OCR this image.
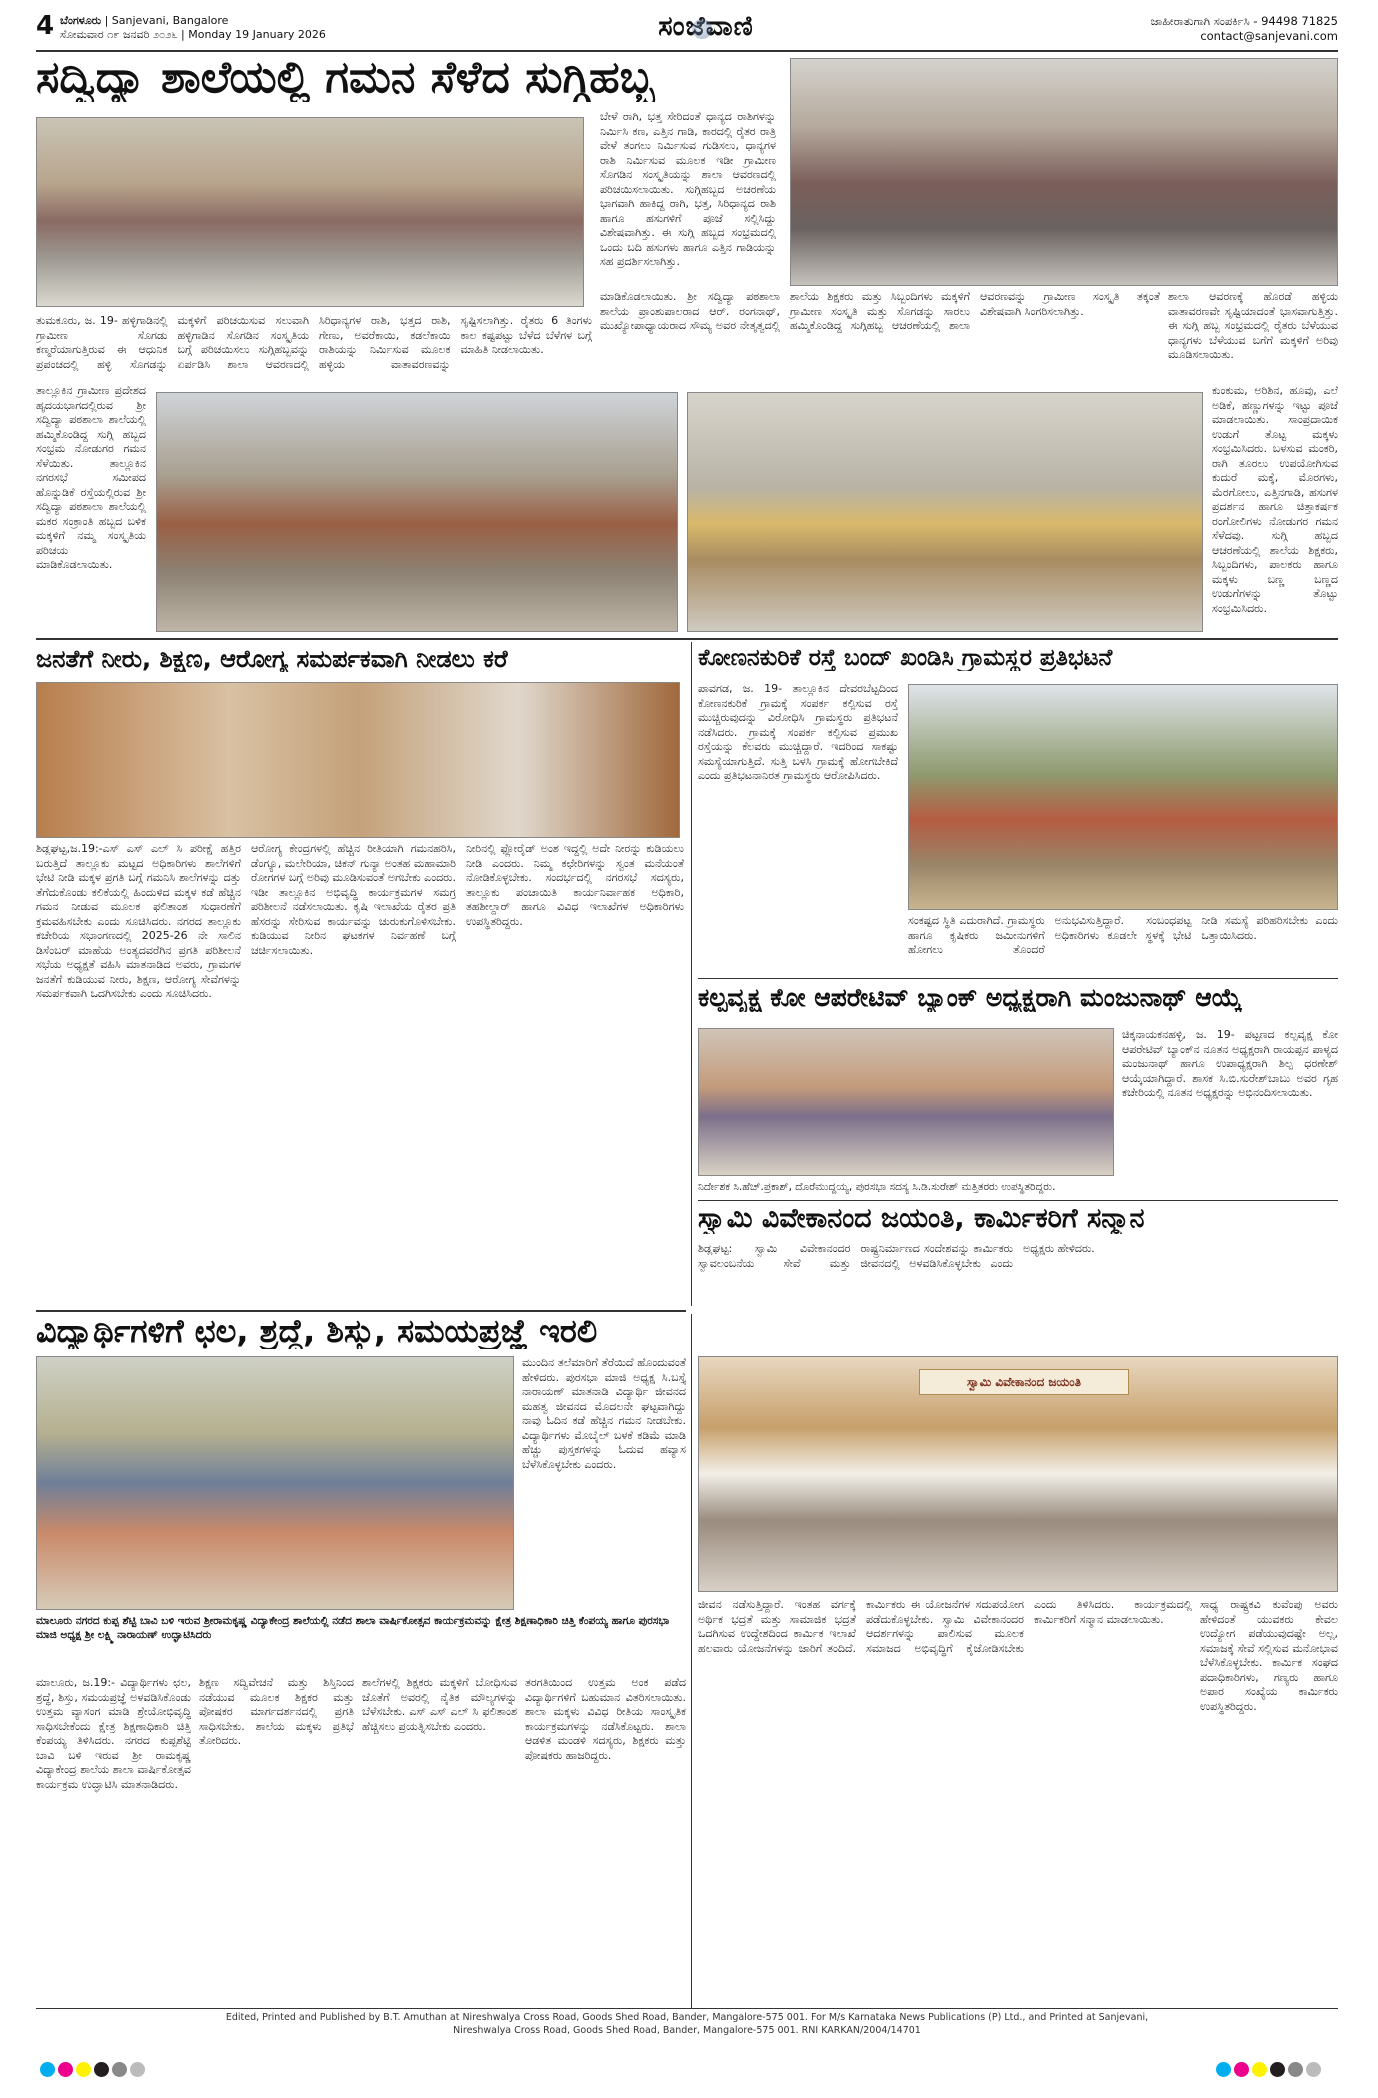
4 ಬೆಂಗಳೂರು | Sanjevani, Bangalore
ಸೋಮವಾರ ೧೯ ಜನವರಿ ೨೦೨೬ | Monday 19 January 2026	ಸಂಜೆವಾಣಿ	ಜಾಹೀರಾತುಗಾಗಿ ಸಂಪರ್ಕಿಸಿ - 94498 71825
contact@sanjevani.com
ಸದ್ವಿದ್ಯಾ ಶಾಲೆಯಲ್ಲಿ ಗಮನ ಸೆಳೆದ ಸುಗ್ಗಿಹಬ್ಬ
ಬೇಳೆ ರಾಗಿ, ಭತ್ತ ಸೇರಿದಂತೆ ಧಾನ್ಯದ ರಾಶಿಗಳನ್ನು ನಿರ್ಮಿಸಿ ಕಣ, ಎತ್ತಿನ ಗಾಡಿ, ಕಾರದಲ್ಲಿ ರೈತರ ರಾತ್ರಿ ವೇಳೆ ತಂಗಲು ನಿರ್ಮಿಸುವ ಗುಡಿಸಲು, ಧಾನ್ಯಗಳ ರಾಶಿ ನಿರ್ಮಿಸುವ ಮೂಲಕ ಇಡೀ ಗ್ರಾಮೀಣ ಸೊಗಡಿನ ಸಂಸ್ಕೃತಿಯನ್ನು ಶಾಲಾ ಆವರಣದಲ್ಲಿ ಪರಿಚಯಿಸಲಾಯಿತು. ಸುಗ್ಗಿಹಬ್ಬದ ಅಚರಣೆಯ ಭಾಗವಾಗಿ ಹಾಕಿದ್ದ ರಾಗಿ, ಭತ್ತ, ಸಿರಿಧಾನ್ಯದ ರಾಶಿ ಹಾಗೂ ಹಸುಗಳಿಗೆ ಪೂಜೆ ಸಲ್ಲಿಸಿದ್ದು ವಿಶೇಷವಾಗಿತ್ತು. ಈ ಸುಗ್ಗಿ ಹಬ್ಬದ ಸಂಭ್ರಮದಲ್ಲಿ ಒಂದು ಬದಿ ಹಸುಗಳು ಹಾಗೂ ಎತ್ತಿನ ಗಾಡಿಯನ್ನು ಸಹ ಪ್ರದರ್ಶಿಸಲಾಗಿತ್ತು.
ತುಮಕೂರು, ಜ. 19- ಹಳ್ಳಿಗಾಡಿನಲ್ಲಿ ಗ್ರಾಮೀಣ ಸೊಗಡು ಕಣ್ಮರೆಯಾಗುತ್ತಿರುವ ಈ ಆಧುನಿಕ ಪ್ರಪಂಚದಲ್ಲಿ ಹಳ್ಳಿ ಸೊಗಡನ್ನು ಮಕ್ಕಳಿಗೆ ಪರಿಚಯಿಸುವ ಸಲುವಾಗಿ ಹಳ್ಳಿಗಾಡಿನ ಸೊಗಡಿನ ಸಂಸ್ಕೃತಿಯ ಬಗ್ಗೆ ಪರಿಚಯಿಸಲು ಸುಗ್ಗಿಹಬ್ಬವನ್ನು ಏರ್ಪಡಿಸಿ ಶಾಲಾ ಆವರಣದಲ್ಲಿ ಸಿರಿಧಾನ್ಯಗಳ ರಾಶಿ, ಭತ್ತದ ರಾಶಿ, ಗೇಣು, ಅವರೆಕಾಯಿ, ಕಡಲೆಕಾಯಿ ರಾಶಿಯನ್ನು ನಿರ್ಮಿಸುವ ಮೂಲಕ ಹಳ್ಳಿಯ ವಾತಾವರಣವನ್ನು ಸೃಷ್ಟಿಸಲಾಗಿತ್ತು. ರೈತರು 6 ತಿಂಗಳು ಕಾಲ ಕಷ್ಟಪಟ್ಟು ಬೆಳೆದ ಬೆಳೆಗಳ ಬಗ್ಗೆ ಮಾಹಿತಿ ನೀಡಲಾಯಿತು.
ಮಾಡಿಕೊಡಲಾಯಿತು. ಶ್ರೀ ಸದ್ವಿದ್ಯಾ ಪಠಶಾಲಾ ಶಾಲೆಯ ಪ್ರಾಂಶುಪಾಲರಾದ ಆರ್. ರಂಗನಾಥ್, ಮುಖ್ಯೋಪಾಧ್ಯಾಯರಾದ ಸೌಮ್ಯ ಅವರ ನೇತೃತ್ವದಲ್ಲಿ ಶಾಲೆಯ ಶಿಕ್ಷಕರು ಮತ್ತು ಸಿಬ್ಬಂದಿಗಳು ಮಕ್ಕಳಿಗೆ ಗ್ರಾಮೀಣ ಸಂಸ್ಕೃತಿ ಮತ್ತು ಸೊಗಡನ್ನು ಸಾರಲು ಹಮ್ಮಿಕೊಂಡಿದ್ದ ಸುಗ್ಗಿಹಬ್ಬ ಆಚರಣೆಯಲ್ಲಿ ಶಾಲಾ ಆವರಣವನ್ನು ಗ್ರಾಮೀಣ ಸಂಸ್ಕೃತಿ ತಕ್ಕಂತೆ ವಿಶೇಷವಾಗಿ ಸಿಂಗರಿಸಲಾಗಿತ್ತು.
ಶಾಲಾ ಆವರಣಕ್ಕೆ ಹೊರಡೆ ಹಳ್ಳಿಯ ವಾತಾವರಣವೇ ಸೃಷ್ಟಿಯಾದಂತೆ ಭಾಸವಾಗುತ್ತಿತ್ತು. ಈ ಸುಗ್ಗಿ ಹಬ್ಬ ಸಂಭ್ರಮದಲ್ಲಿ ರೈತರು ಬೆಳೆಯುವ ಧಾನ್ಯಗಳು ಬೆಳೆಯುವ ಬಗೆಗೆ ಮಕ್ಕಳಿಗೆ ಅರಿವು ಮೂಡಿಸಲಾಯಿತು.
ತಾಲ್ಲೂಕಿನ ಗ್ರಾಮೀಣ ಪ್ರದೇಶದ ಹೃದಯಭಾಗದಲ್ಲಿರುವ ಶ್ರೀ ಸದ್ವಿದ್ಯಾ ಪಠಶಾಲಾ ಶಾಲೆಯಲ್ಲಿ ಹಮ್ಮಿಕೊಂಡಿದ್ದ ಸುಗ್ಗಿ ಹಬ್ಬದ ಸಂಭ್ರಮ ನೋಡುಗರ ಗಮನ ಸೆಳೆಯಿತು. ತಾಲ್ಲೂಕಿನ ನಗರಸಭೆ ಸಮೀಪದ ಹೊನ್ನುಡಿಕೆ ರಸ್ತೆಯಲ್ಲಿರುವ ಶ್ರೀ ಸದ್ವಿದ್ಯಾ ಪಠಶಾಲಾ ಶಾಲೆಯಲ್ಲಿ ಮಕರ ಸಂಕ್ರಾಂತಿ ಹಬ್ಬದ ಬಳಿಕ ಮಕ್ಕಳಿಗೆ ನಮ್ಮ ಸಂಸ್ಕೃತಿಯ ಪರಿಚಯ ಮಾಡಿಕೊಡಲಾಯಿತು.
ಕುಂಕುಮ, ಅರಿಶಿನ, ಹೂವು, ಎಲೆ ಅಡಿಕೆ, ಹಣ್ಣುಗಳನ್ನು ಇಟ್ಟು ಪೂಜೆ ಮಾಡಲಾಯಿತು. ಸಾಂಪ್ರದಾಯಿಕ ಉಡುಗೆ ತೊಟ್ಟ ಮಕ್ಕಳು ಸಂಭ್ರಮಿಸಿದರು. ಬಳಸುವ ಮಂಕರಿ, ರಾಗಿ ತೂರಲು ಉಪಯೋಗಿಸುವ ಕುದುರೆ ಮಕ್ಕೆ, ಮೊರಗಳು, ಮೆರಗೋಲು, ಎತ್ತಿನಗಾಡಿ, ಹಸುಗಳ ಪ್ರದರ್ಶನ ಹಾಗೂ ಚಿತ್ತಾಕರ್ಷಕ ರಂಗೋಲಿಗಳು ನೋಡುಗರ ಗಮನ ಸೆಳೆದವು. ಸುಗ್ಗಿ ಹಬ್ಬದ ಆಚರಣೆಯಲ್ಲಿ ಶಾಲೆಯ ಶಿಕ್ಷಕರು, ಸಿಬ್ಬಂದಿಗಳು, ಪಾಲಕರು ಹಾಗೂ ಮಕ್ಕಳು ಬಣ್ಣ ಬಣ್ಣದ ಉಡುಗೆಗಳನ್ನು ತೊಟ್ಟು ಸಂಭ್ರಮಿಸಿದರು.
ಜನತೆಗೆ ನೀರು, ಶಿಕ್ಷಣ, ಆರೋಗ್ಯ ಸಮರ್ಪಕವಾಗಿ ನೀಡಲು ಕರೆ
ಶಿಡ್ಲಘಟ್ಟ,ಜ.19:-ಎಸ್ ಎಸ್ ಎಲ್ ಸಿ ಪರೀಕ್ಷೆ ಹತ್ತಿರ ಬರುತ್ತಿದೆ ತಾಲ್ಲೂಕು ಮಟ್ಟದ ಅಧಿಕಾರಿಗಳು ಶಾಲೆಗಳಿಗೆ ಭೇಟಿ ನೀಡಿ ಮಕ್ಕಳ ಪ್ರಗತಿ ಬಗ್ಗೆ ಗಮನಿಸಿ ಶಾಲೆಗಳನ್ನು ದತ್ತು ತೆಗೆದುಕೊಂಡು ಕಲಿಕೆಯಲ್ಲಿ ಹಿಂದುಳಿದ ಮಕ್ಕಳ ಕಡೆ ಹೆಚ್ಚಿನ ಗಮನ ನೀಡುವ ಮೂಲಕ ಫಲಿತಾಂಶ ಸುಧಾರಣೆಗೆ ಕ್ರಮವಹಿಸಬೇಕು ಎಂದು ಸೂಚಿಸಿದರು. ನಗರದ ತಾಲ್ಲೂಕು ಕಚೇರಿಯ ಸಭಾಂಗಣದಲ್ಲಿ 2025-26 ನೇ ಸಾಲಿನ ಡಿಸೆಂಬರ್ ಮಾಹೆಯ ಅಂತ್ಯದವರೆಗಿನ ಪ್ರಗತಿ ಪರಿಶೀಲನೆ ಸಭೆಯ ಅಧ್ಯಕ್ಷತೆ ವಹಿಸಿ ಮಾತನಾಡಿದ ಅವರು, ಗ್ರಾಮಗಳ ಜನತೆಗೆ ಕುಡಿಯುವ ನೀರು, ಶಿಕ್ಷಣ, ಆರೋಗ್ಯ ಸೇವೆಗಳನ್ನು ಸಮರ್ಪಕವಾಗಿ ಒದಗಿಸಬೇಕು ಎಂದು ಸೂಚಿಸಿದರು.
ಆರೋಗ್ಯ ಕೇಂದ್ರಗಳಲ್ಲಿ ಹೆಚ್ಚಿನ ರೀತಿಯಾಗಿ ಗಮನಹರಿಸಿ, ಡೆಂಗ್ಯೂ, ಮಲೇರಿಯಾ, ಚಿಕನ್ ಗುನ್ಯಾ ಅಂತಹ ಮಹಾಮಾರಿ ರೋಗಗಳ ಬಗ್ಗೆ ಅರಿವು ಮೂಡಿಸುವಂತೆ ಅಗಬೇಕು ಎಂದರು. ಇಡೀ ತಾಲ್ಲೂಕಿನ ಅಭಿವೃದ್ಧಿ ಕಾರ್ಯಕ್ರಮಗಳ ಸಮಗ್ರ ಪರಿಶೀಲನೆ ನಡೆಸಲಾಯಿತು. ಕೃಷಿ ಇಲಾಖೆಯ ರೈತರ ಪ್ರತಿ ಹೆಸರನ್ನು ಸೇರಿಸುವ ಕಾರ್ಯವನ್ನು ಚುರುಕುಗೊಳಿಸಬೇಕು. ಕುಡಿಯುವ ನೀರಿನ ಘಟಕಗಳ ನಿರ್ವಹಣೆ ಬಗ್ಗೆ ಚರ್ಚಿಸಲಾಯಿತು.
ನೀರಿನಲ್ಲಿ ಫ್ಲೋರೈಡ್ ಅಂಶ ಇದ್ದಲ್ಲಿ ಅದೇ ನೀರನ್ನು ಕುಡಿಯಲು ನೀಡಿ ಎಂದರು. ನಿಮ್ಮ ಕಛೇರಿಗಳನ್ನು ಸ್ವಂತ ಮನೆಯಂತೆ ನೋಡಿಕೊಳ್ಳಬೇಕು. ಸಂದರ್ಭದಲ್ಲಿ ನಗರಸಭೆ ಸದಸ್ಯರು, ತಾಲ್ಲೂಕು ಪಂಚಾಯಿತಿ ಕಾರ್ಯನಿರ್ವಾಹಕ ಅಧಿಕಾರಿ, ತಹಶೀಲ್ದಾರ್ ಹಾಗೂ ವಿವಿಧ ಇಲಾಖೆಗಳ ಅಧಿಕಾರಿಗಳು ಉಪಸ್ಥಿತರಿದ್ದರು.
ಕೋಣನಕುರಿಕೆ ರಸ್ತೆ ಬಂದ್ ಖಂಡಿಸಿ ಗ್ರಾಮಸ್ಥರ ಪ್ರತಿಭಟನೆ
ಪಾವಗಡ, ಜ. 19- ತಾಲ್ಲೂಕಿನ ದೇವರಬೆಟ್ಟದಿಂದ ಕೋಣನಕುರಿಕೆ ಗ್ರಾಮಕ್ಕೆ ಸಂಪರ್ಕ ಕಲ್ಪಿಸುವ ರಸ್ತೆ ಮುಚ್ಚಿರುವುದನ್ನು ವಿರೋಧಿಸಿ ಗ್ರಾಮಸ್ಥರು ಪ್ರತಿಭಟನೆ ನಡೆಸಿದರು. ಗ್ರಾಮಕ್ಕೆ ಸಂಪರ್ಕ ಕಲ್ಪಿಸುವ ಪ್ರಮುಖ ರಸ್ತೆಯನ್ನು ಕೆಲವರು ಮುಚ್ಚಿದ್ದಾರೆ. ಇದರಿಂದ ಸಾಕಷ್ಟು ಸಮಸ್ಯೆಯಾಗುತ್ತಿದೆ. ಸುತ್ತಿ ಬಳಸಿ ಗ್ರಾಮಕ್ಕೆ ಹೋಗಬೇಕಿದೆ ಎಂದು ಪ್ರತಿಭಟನಾನಿರತ ಗ್ರಾಮಸ್ಥರು ಆರೋಪಿಸಿದರು.
ಸಂಕಷ್ಟದ ಸ್ಥಿತಿ ಎದುರಾಗಿದೆ. ಗ್ರಾಮಸ್ಥರು ಹಾಗೂ ಕೃಷಿಕರು ಜಮೀನುಗಳಿಗೆ ಹೋಗಲು ತೊಂದರೆ ಅನುಭವಿಸುತ್ತಿದ್ದಾರೆ. ಸಂಬಂಧಪಟ್ಟ ಅಧಿಕಾರಿಗಳು ಕೂಡಲೇ ಸ್ಥಳಕ್ಕೆ ಭೇಟಿ ನೀಡಿ ಸಮಸ್ಯೆ ಪರಿಹರಿಸಬೇಕು ಎಂದು ಒತ್ತಾಯಿಸಿದರು.
ಕಲ್ಪವೃಕ್ಷ ಕೋ ಆಪರೇಟಿವ್ ಬ್ಯಾಂಕ್ ಅಧ್ಯಕ್ಷರಾಗಿ ಮಂಜುನಾಥ್ ಆಯ್ಕೆ
ಚಿಕ್ಕನಾಯಕನಹಳ್ಳಿ, ಜ. 19- ಪಟ್ಟಣದ ಕಲ್ಪವೃಕ್ಷ ಕೋ ಆಪರೇಟಿವ್ ಬ್ಯಾಂಕ್‌ನ ನೂತನ ಅಧ್ಯಕ್ಷರಾಗಿ ರಾಯಪ್ಪನ ಪಾಳ್ಯದ ಮಂಜುನಾಥ್ ಹಾಗೂ ಉಪಾಧ್ಯಕ್ಷರಾಗಿ ಶಿಲ್ಪ ಧರಣೇಶ್ ಆಯ್ಕೆಯಾಗಿದ್ದಾರೆ. ಶಾಸಕ ಸಿ.ಬಿ.ಸುರೇಶ್‌ಬಾಬು ಅವರ ಗೃಹ ಕಚೇರಿಯಲ್ಲಿ ನೂತನ ಅಧ್ಯಕ್ಷರನ್ನು ಅಭಿನಂದಿಸಲಾಯಿತು.
ನಿರ್ದೇಶಕ ಸಿ.ಹೆಚ್.ಪ್ರಕಾಶ್, ದೊರೆಮುದ್ದಯ್ಯ, ಪುರಸಭಾ ಸದಸ್ಯ ಸಿ.ಡಿ.ಸುರೇಶ್ ಮತ್ತಿತರರು ಉಪಸ್ಥಿತರಿದ್ದರು.
ಸ್ವಾಮಿ ವಿವೇಕಾನಂದ ಜಯಂತಿ, ಕಾರ್ಮಿಕರಿಗೆ ಸನ್ಮಾನ
ಶಿಡ್ಲಘಟ್ಟ: ಸ್ವಾಮಿ ವಿವೇಕಾನಂದರ ಸ್ವಾವಲಂಬನೆಯ ಸೇವೆ ಮತ್ತು ರಾಷ್ಟ್ರನಿರ್ಮಾಣದ ಸಂದೇಶವನ್ನು ಕಾರ್ಮಿಕರು ಜೀವನದಲ್ಲಿ ಅಳವಡಿಸಿಕೊಳ್ಳಬೇಕು ಎಂದು ಅಧ್ಯಕ್ಷರು ಹೇಳಿದರು.
ಸ್ವಾಮಿ ವಿವೇಕಾನಂದ ಜಯಂತಿ
ಜೀವನ ನಡೆಸುತ್ತಿದ್ದಾರೆ. ಇಂತಹ ವರ್ಗಕ್ಕೆ ಅರ್ಥಿಕ ಭದ್ರತೆ ಮತ್ತು ಸಾಮಾಜಿಕ ಭದ್ರತೆ ಒದಗಿಸುವ ಉದ್ದೇಶದಿಂದ ಕಾರ್ಮಿಕ ಇಲಾಖೆ ಹಲವಾರು ಯೋಜನೆಗಳನ್ನು ಜಾರಿಗೆ ತಂದಿದೆ. ಕಾರ್ಮಿಕರು ಈ ಯೋಜನೆಗಳ ಸದುಪಯೋಗ ಪಡೆದುಕೊಳ್ಳಬೇಕು. ಸ್ವಾಮಿ ವಿವೇಕಾನಂದರ ಆದರ್ಶಗಳನ್ನು ಪಾಲಿಸುವ ಮೂಲಕ ಸಮಾಜದ ಅಭಿವೃದ್ಧಿಗೆ ಕೈಜೋಡಿಸಬೇಕು ಎಂದು ತಿಳಿಸಿದರು. ಕಾರ್ಯಕ್ರಮದಲ್ಲಿ ಕಾರ್ಮಿಕರಿಗೆ ಸನ್ಮಾನ ಮಾಡಲಾಯಿತು.
ಸಾಧ್ಯ ರಾಷ್ಟ್ರಕವಿ ಕುವೆಂಪು ಅವರು ಹೇಳಿದಂತೆ ಯುವಕರು ಕೇವಲ ಉದ್ಯೋಗ ಪಡೆಯುವುದಷ್ಟೇ ಅಲ್ಲ, ಸಮಾಜಕ್ಕೆ ಸೇವೆ ಸಲ್ಲಿಸುವ ಮನೋಭಾವ ಬೆಳೆಸಿಕೊಳ್ಳಬೇಕು. ಕಾರ್ಮಿಕ ಸಂಘದ ಪದಾಧಿಕಾರಿಗಳು, ಗಣ್ಯರು ಹಾಗೂ ಅಪಾರ ಸಂಖ್ಯೆಯ ಕಾರ್ಮಿಕರು ಉಪಸ್ಥಿತರಿದ್ದರು.
ವಿದ್ಯಾರ್ಥಿಗಳಿಗೆ ಛಲ, ಶ್ರದ್ಧೆ, ಶಿಸ್ತು, ಸಮಯಪ್ರಜ್ಞೆ ಇರಲಿ
ಮುಂದಿನ ತಲೆಮಾರಿಗೆ ತೆರೆಯಿದೆ ಹೊಂದುವಂತೆ ಹೇಳಿದರು. ಪುರಸಭಾ ಮಾಜಿ ಅಧ್ಯಕ್ಷ ಸಿ.ಬಸ್ತೈ ನಾರಾಯಣ್ ಮಾತನಾಡಿ ವಿದ್ಯಾರ್ಥಿ ಜೀವನದ ಮಹತ್ವ ಜೀವನದ ಮೊದಲನೇ ಘಟ್ಟವಾಗಿದ್ದು ನಾವು ಓದಿನ ಕಡೆ ಹೆಚ್ಚಿನ ಗಮನ ನೀಡಬೇಕು. ವಿದ್ಯಾರ್ಥಿಗಳು ಮೊಬೈಲ್ ಬಳಕೆ ಕಡಿಮೆ ಮಾಡಿ ಹೆಚ್ಚು ಪುಸ್ತಕಗಳನ್ನು ಓದುವ ಹವ್ಯಾಸ ಬೆಳೆಸಿಕೊಳ್ಳಬೇಕು ಎಂದರು.
ಮಾಲೂರು ನಗರದ ಕುಪ್ಪ ಶೆಟ್ಟಿ ಬಾವಿ ಬಳಿ ಇರುವ ಶ್ರೀರಾಮಕೃಷ್ಣ ವಿದ್ಯಾಕೇಂದ್ರ ಶಾಲೆಯಲ್ಲಿ ನಡೆದ ಶಾಲಾ ವಾರ್ಷಿಕೋತ್ಸವ ಕಾರ್ಯಕ್ರಮವನ್ನು ಕ್ಷೇತ್ರ ಶಿಕ್ಷಣಾಧಿಕಾರಿ ಚಿತ್ತಿ ಕೆಂಪಯ್ಯ ಹಾಗೂ ಪುರಸಭಾ ಮಾಜಿ ಅಧ್ಯಕ್ಷ ಶ್ರೀ ಲಕ್ಷ್ಮಿ ನಾರಾಯಣ್ ಉದ್ಘಾಟಿಸಿದರು
ಮಾಲೂರು, ಜ.19:- ವಿದ್ಯಾರ್ಥಿಗಳು ಛಲ, ಶ್ರದ್ಧೆ, ಶಿಸ್ತು, ಸಮಯಪ್ರಜ್ಞೆ ಅಳವಡಿಸಿಕೊಂಡು ಉತ್ತಮ ವ್ಯಾಸಂಗ ಮಾಡಿ ಶ್ರೇಯೋಭಿವೃದ್ಧಿ ಸಾಧಿಸಬೇಕೆಂದು ಕ್ಷೇತ್ರ ಶಿಕ್ಷಣಾಧಿಕಾರಿ ಚಿತ್ತಿ ಕೆಂಪಯ್ಯ ತಿಳಿಸಿದರು. ನಗರದ ಕುಪ್ಪಶೆಟ್ಟಿ ಬಾವಿ ಬಳಿ ಇರುವ ಶ್ರೀ ರಾಮಕೃಷ್ಣ ವಿದ್ಯಾಕೇಂದ್ರ ಶಾಲೆಯ ಶಾಲಾ ವಾರ್ಷಿಕೋತ್ಸವ ಕಾರ್ಯಕ್ರಮ ಉದ್ಘಾಟಿಸಿ ಮಾತನಾಡಿದರು.
ಶಿಕ್ಷಣ ಸದ್ವಿವೇಚನೆ ಮತ್ತು ಶಿಸ್ತಿನಿಂದ ನಡೆಯುವ ಮೂಲಕ ಶಿಕ್ಷಕರ ಮತ್ತು ಪೋಷಕರ ಮಾರ್ಗದರ್ಶನದಲ್ಲಿ ಪ್ರಗತಿ ಸಾಧಿಸಬೇಕು. ಶಾಲೆಯ ಮಕ್ಕಳು ಪ್ರತಿಭೆ ತೋರಿದರು.
ಶಾಲೆಗಳಲ್ಲಿ ಶಿಕ್ಷಕರು ಮಕ್ಕಳಿಗೆ ಬೋಧಿಸುವ ಜೊತೆಗೆ ಅವರಲ್ಲಿ ನೈತಿಕ ಮೌಲ್ಯಗಳನ್ನು ಬೆಳೆಸಬೇಕು. ಎಸ್ ಎಸ್ ಎಲ್ ಸಿ ಫಲಿತಾಂಶ ಹೆಚ್ಚಿಸಲು ಪ್ರಯತ್ನಿಸಬೇಕು ಎಂದರು.
ತರಗತಿಯಿಂದ ಉತ್ತಮ ಅಂಕ ಪಡೆದ ವಿದ್ಯಾರ್ಥಿಗಳಿಗೆ ಬಹುಮಾನ ವಿತರಿಸಲಾಯಿತು. ಶಾಲಾ ಮಕ್ಕಳು ವಿವಿಧ ರೀತಿಯ ಸಾಂಸ್ಕೃತಿಕ ಕಾರ್ಯಕ್ರಮಗಳನ್ನು ನಡೆಸಿಕೊಟ್ಟರು. ಶಾಲಾ ಆಡಳಿತ ಮಂಡಳಿ ಸದಸ್ಯರು, ಶಿಕ್ಷಕರು ಮತ್ತು ಪೋಷಕರು ಹಾಜರಿದ್ದರು.
Edited, Printed and Published by B.T. Amuthan at Nireshwalya Cross Road, Goods Shed Road, Bander, Mangalore-575 001. For M/s Karnataka News Publications (P) Ltd., and Printed at Sanjevani,
Nireshwalya Cross Road, Goods Shed Road, Bander, Mangalore-575 001. RNI KARKAN/2004/14701
